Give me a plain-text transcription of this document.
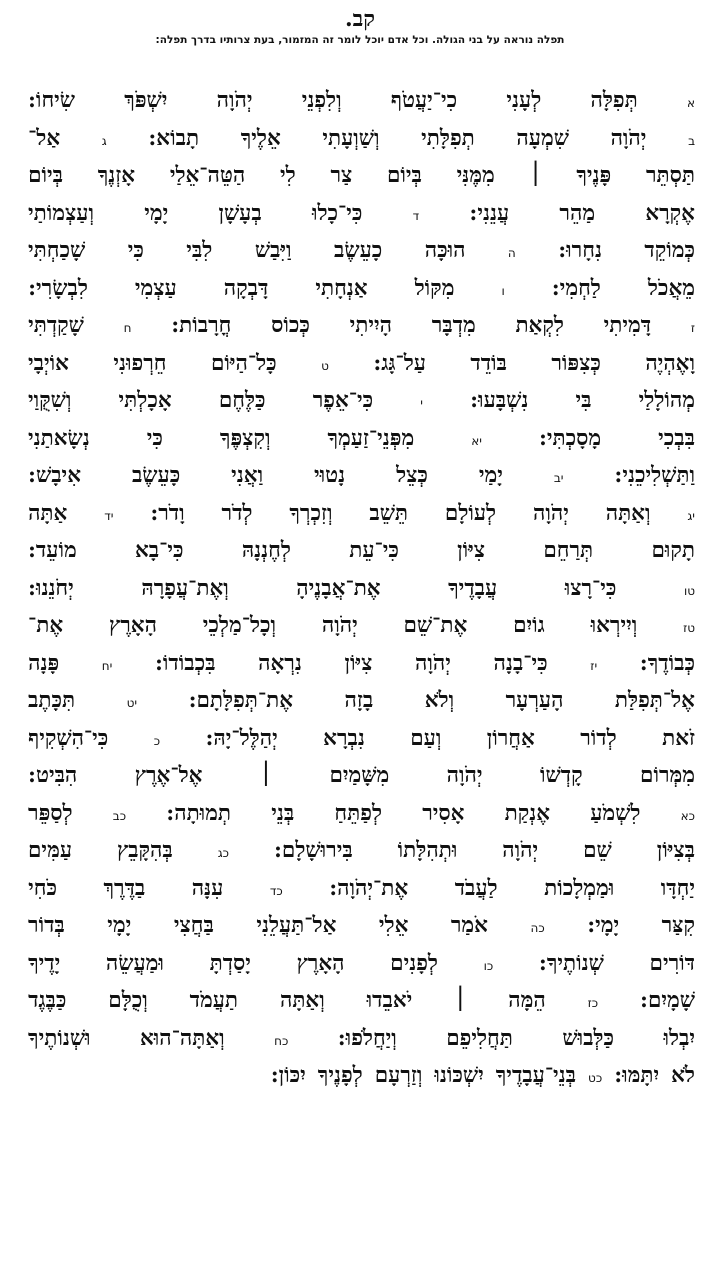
קב.
תפלה נוראה על בני הגולה. וכל אדם יוכל לומר זה המזמור, בעת צרותיו בדרך תפלה:
א
תְּפִלָּה
לְעָנִי
כִי־יַעֲטֹף
וְלִפְנֵי
יְהֹוָה
יִשְׁפֹּךְ
שִׂיחוֹ:
ב
יְהֹוָה
שִׁמְעָה
תְפִלָּתִי
וְשַׁוְעָתִי
אֵלֶיךָ
תָבוֹא:
ג
אַל־
תַּסְתֵּר
פָּנֶיךָ
׀
מִמֶּנִּי
בְּיוֹם
צַר
לִי
הַטֵּה־אֵלַי
אָזְנֶךָ
בְּיוֹם
אֶקְרָא
מַהֵר
עֲנֵנִי:
ד
כִּי־כָלוּ
בְעָשָׁן
יָמָי
וְעַצְמוֹתַי
כְּמוֹקֵד
נִחָרוּ:
ה
הוּכָּה
כָעֵשֶׂב
וַיִּבַשׁ
לִבִּי
כִּי
שָׁכַחְתִּי
מֵאֲכֹל
לַחְמִי:
ו
מִקּוֹל
אַנְחָתִי
דָּבְקָה
עַצְמִי
לִבְשָׂרִי:
ז
דָּמִיתִי
לִקְאַת
מִדְבָּר
הָיִיתִי
כְּכוֹס
חֳרָבוֹת:
ח
שָׁקַדְתִּי
וָאֶהְיֶה
כְּצִפּוֹר
בּוֹדֵד
עַל־גָּג:
ט
כָּל־הַיּוֹם
חֵרְפוּנִי
אוֹיְבָי
מְהוֹלָלַי
בִּי
נִשְׁבָּעוּ:
י
כִּי־אֵפֶר
כַּלֶּחֶם
אָכָלְתִּי
וְשִׁקֻּוַי
בִּבְכִי
מָסָכְתִּי:
יא
מִפְּנֵי־זַעַמְךָ
וְקִצְפֶּךָ
כִּי
נְשָׂאתַנִי
וַתַּשְׁלִיכֵנִי:
יב
יָמַי
כְּצֵל
נָטוּי
וַאֲנִי
כָּעֵשֶׂב
אִיבָשׁ:
יג
וְאַתָּה
יְהֹוָה
לְעוֹלָם
תֵּשֵׁב
וְזִכְרְךָ
לְדֹר
וָדֹר:
יד
אַתָּה
תָקוּם
תְּרַחֵם
צִיּוֹן
כִּי־עֵת
לְחֶנְנָהּ
כִּי־בָא
מוֹעֵד:
טו
כִּי־רָצוּ
עֲבָדֶיךָ
אֶת־אֲבָנֶיהָ
וְאֶת־עֲפָרָהּ
יְחֹנֵנוּ:
טז
וְיִירְאוּ
גוֹיִם
אֶת־שֵׁם
יְהֹוָה
וְכָל־מַלְכֵי
הָאָרֶץ
אֶת־
כְּבוֹדֶךָ:
יז
כִּי־בָנָה
יְהֹוָה
צִיּוֹן
נִרְאָה
בִּכְבוֹדוֹ:
יח
פָּנָה
אֶל־תְּפִלַּת
הָעַרְעָר
וְלֹא
בָזָה
אֶת־תְּפִלָּתָם:
יט
תִּכָּתֶב
זֹאת
לְדוֹר
אַחֲרוֹן
וְעַם
נִבְרָא
יְהַלֶּל־יָהּ:
כ
כִּי־הִשְׁקִיף
מִמְּרוֹם
קָדְשׁוֹ
יְהֹוָה
מִשָּׁמַיִם
׀
אֶל־אֶרֶץ
הִבִּיט:
כא
לִשְׁמֹעַ
אֶנְקַת
אָסִיר
לְפַתֵּחַ
בְּנֵי
תְמוּתָה:
כב
לְסַפֵּר
בְּצִיּוֹן
שֵׁם
יְהֹוָה
וּתְהִלָּתוֹ
בִּירוּשָׁלָם:
כג
בְּהִקָּבֵץ
עַמִּים
יַחְדָּו
וּמַמְלָכוֹת
לַעֲבֹד
אֶת־יְהֹוָה:
כד
עִנָּה
בַדֶּרֶךְ
כֹּחִי
קִצַּר
יָמָי:
כה
אֹמַר
אֵלִי
אַל־תַּעֲלֵנִי
בַּחֲצִי
יָמָי
בְּדוֹר
דּוֹרִים
שְׁנוֹתֶיךָ:
כו
לְפָנִים
הָאָרֶץ
יָסַדְתָּ
וּמַעֲשֵׂה
יָדֶיךָ
שָׁמָיִם:
כז
הֵמָּה
׀
יֹאבֵדוּ
וְאַתָּה
תַעֲמֹד
וְכֻלָּם
כַּבֶּגֶד
יִבְלוּ
כַּלְּבוּשׁ
תַּחֲלִיפֵם
וְיַחֲלֹפוּ:
כח
וְאַתָּה־הוּא
וּשְׁנוֹתֶיךָ
לֹא
יִתָּמּוּ:
כט
בְּנֵי־עֲבָדֶיךָ
יִשְׁכּוֹנוּ
וְזַרְעָם
לְפָנֶיךָ
יִכּוֹן:
